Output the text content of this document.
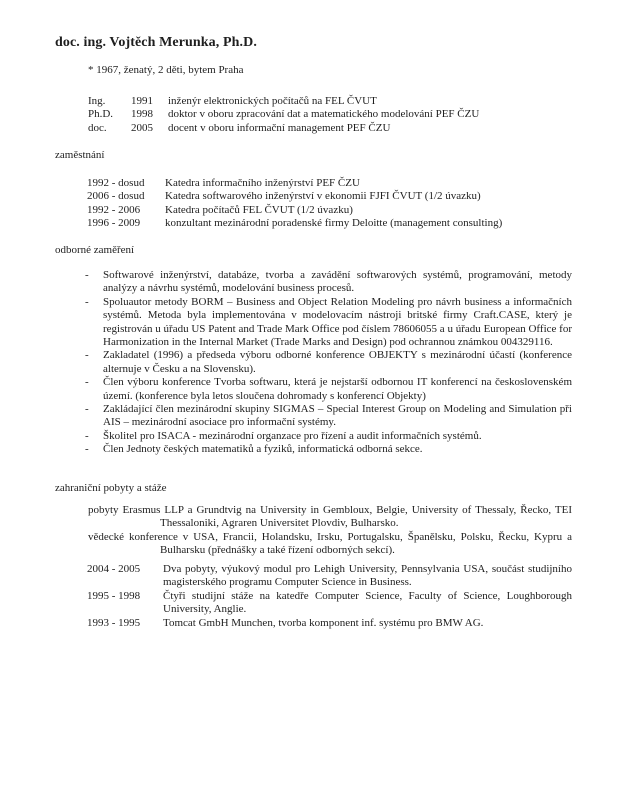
doc. ing. Vojtěch Merunka, Ph.D.
* 1967, ženatý, 2 děti, bytem Praha
Ing.	1991	inženýr elektronických počítačů na FEL ČVUT
Ph.D.	1998	doktor v oboru zpracování dat a matematického modelování PEF ČZU
doc.	2005	docent v oboru informační management PEF ČZU
zaměstnání
1992 - dosud	Katedra informačního inženýrství PEF ČZU
2006 - dosud	Katedra softwarového inženýrství v ekonomii FJFI ČVUT (1/2 úvazku)
1992 - 2006	Katedra počítačů FEL ČVUT (1/2 úvazku)
1996 - 2009	konzultant mezinárodní poradenské firmy Deloitte (management consulting)
odborné zaměření
- Softwarové inženýrství, databáze, tvorba a zavádění softwarových systémů, programování, metody analýzy a návrhu systémů, modelování business procesů.
- Spoluautor metody BORM – Business and Object Relation Modeling pro návrh business a informačních systémů. Metoda byla implementována v modelovacím nástroji britské firmy Craft.CASE, který je registrován u úřadu US Patent and Trade Mark Office pod číslem 78606055 a u úřadu European Office for Harmonization in the Internal Market (Trade Marks and Design) pod ochrannou známkou 004329116.
- Zakladatel (1996) a předseda výboru odborné konference OBJEKTY s mezinárodní účastí (konference alternuje v Česku a na Slovensku).
- Člen výboru konference Tvorba softwaru, která je nejstarší odbornou IT konferencí na československém území. (konference byla letos sloučena dohromady s konferencí Objekty)
- Zakládající člen mezinárodní skupiny SIGMAS – Special Interest Group on Modeling and Simulation při AIS – mezinárodní asociace pro informační systémy.
- Školitel pro ISACA - mezinárodní organzace pro řízení a audit informačních systémů.
- Člen Jednoty českých matematiků a fyziků, informatická odborná sekce.
zahraniční pobyty a stáže
pobyty Erasmus LLP a Grundtvig na University in Gembloux, Belgie, University of Thessaly, Řecko, TEI Thessaloniki, Agraren Universitet Plovdiv, Bulharsko.
vědecké konference v USA, Francii, Holandsku, Irsku, Portugalsku, Španělsku, Polsku, Řecku, Kypru a Bulharsku (přednášky a také řízení odborných sekcí).
2004 - 2005	Dva pobyty, výukový modul pro Lehigh University, Pennsylvania USA, součást studijního magisterského programu Computer Science in Business.
1995 - 1998	Čtyři studijní stáže na katedře Computer Science, Faculty of Science, Loughborough University, Anglie.
1993 - 1995	Tomcat GmbH Munchen, tvorba komponent inf. systému pro BMW AG.
